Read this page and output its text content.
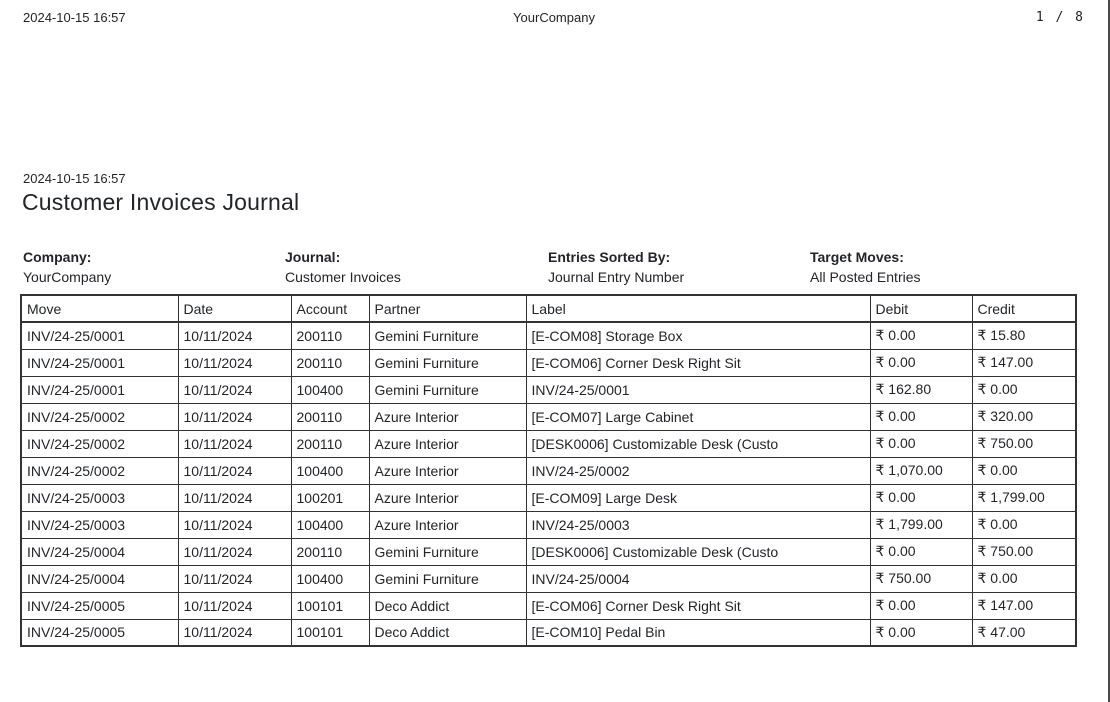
2024-10-15 16:57	YourCompany	1 / 8
2024-10-15 16:57
Customer Invoices Journal
Company:
YourCompany
Journal:
Customer Invoices
Entries Sorted By:
Journal Entry Number
Target Moves:
All Posted Entries
Move	Date	Account	Partner	Label	Debit	Credit
INV/24-25/0001	10/11/2024	200110	Gemini Furniture	[E-COM08] Storage Box	₹ 0.00	₹ 15.80
INV/24-25/0001	10/11/2024	200110	Gemini Furniture	[E-COM06] Corner Desk Right Sit	₹ 0.00	₹ 147.00
INV/24-25/0001	10/11/2024	100400	Gemini Furniture	INV/24-25/0001	₹ 162.80	₹ 0.00
INV/24-25/0002	10/11/2024	200110	Azure Interior	[E-COM07] Large Cabinet	₹ 0.00	₹ 320.00
INV/24-25/0002	10/11/2024	200110	Azure Interior	[DESK0006] Customizable Desk (Custo	₹ 0.00	₹ 750.00
INV/24-25/0002	10/11/2024	100400	Azure Interior	INV/24-25/0002	₹ 1,070.00	₹ 0.00
INV/24-25/0003	10/11/2024	100201	Azure Interior	[E-COM09] Large Desk	₹ 0.00	₹ 1,799.00
INV/24-25/0003	10/11/2024	100400	Azure Interior	INV/24-25/0003	₹ 1,799.00	₹ 0.00
INV/24-25/0004	10/11/2024	200110	Gemini Furniture	[DESK0006] Customizable Desk (Custo	₹ 0.00	₹ 750.00
INV/24-25/0004	10/11/2024	100400	Gemini Furniture	INV/24-25/0004	₹ 750.00	₹ 0.00
INV/24-25/0005	10/11/2024	100101	Deco Addict	[E-COM06] Corner Desk Right Sit	₹ 0.00	₹ 147.00
INV/24-25/0005	10/11/2024	100101	Deco Addict	[E-COM10] Pedal Bin	₹ 0.00	₹ 47.00
